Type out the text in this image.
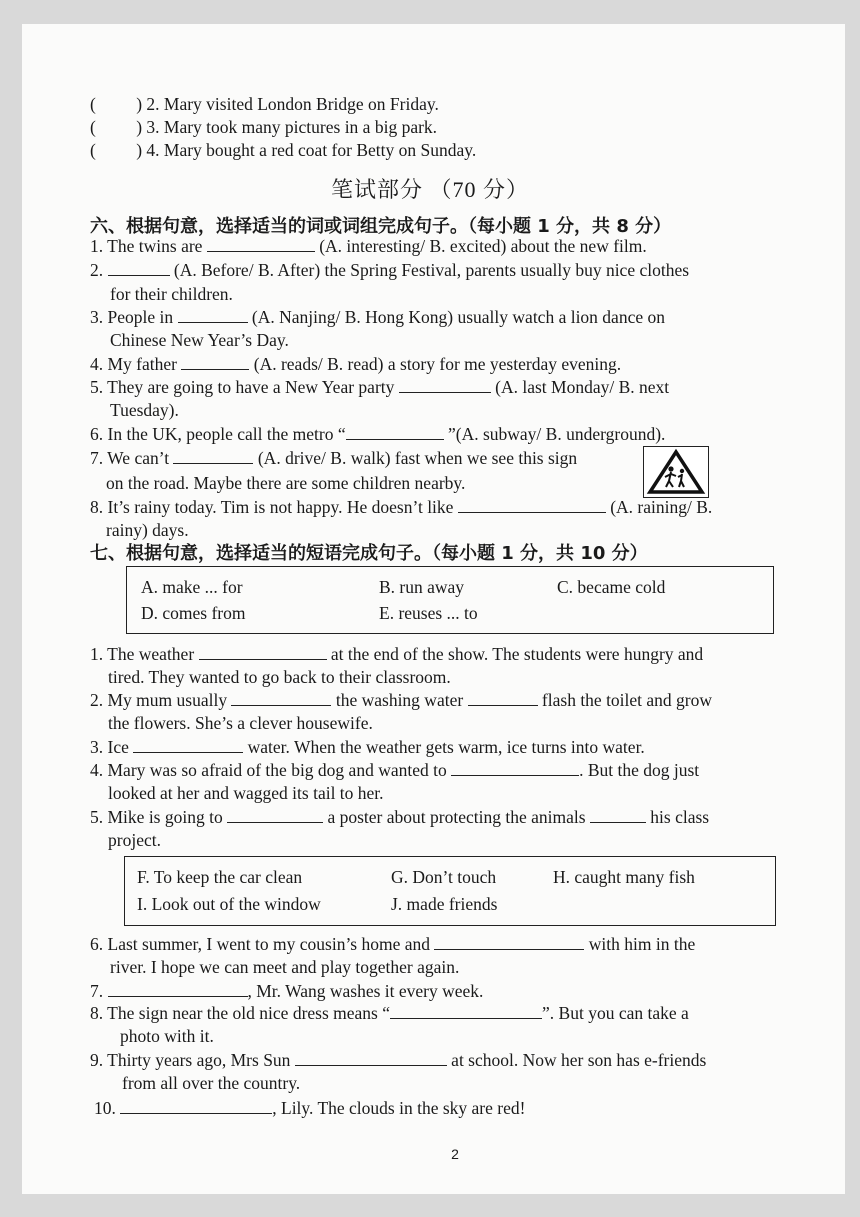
( ) 2. Mary visited London Bridge on Friday.
( ) 3. Mary took many pictures in a big park.
( ) 4. Mary bought a red coat for Betty on Sunday.
笔试部分 （70 分）
六、根据句意，选择适当的词或词组完成句子。（每小题 1 分，共 8 分）
1. The twins are	(A. interesting/ B. excited) about the new film.
2.	(A. Before/ B. After) the Spring Festival, parents usually buy nice clothes
for their children.
3. People in	(A. Nanjing/ B. Hong Kong) usually watch a lion dance on
Chinese New Year’s Day.
4. My father	(A. reads/ B. read) a story for me yesterday evening.
5. They are going to have a New Year party	(A. last Monday/ B. next
Tuesday).
6. In the UK, people call the metro “	”(A. subway/ B. underground).
7. We can’t	(A. drive/ B. walk) fast when we see this sign
on the road. Maybe there are some children nearby.
8. It’s rainy today. Tim is not happy. He doesn’t like	(A. raining/ B.
rainy) days.
七、根据句意，选择适当的短语完成句子。（每小题 1 分，共 10 分）
A. make ... for	B. run away	C. became cold
D. comes from	E. reuses ... to
1. The weather	at the end of the show. The students were hungry and
tired. They wanted to go back to their classroom.
2. My mum usually	the washing water	flash the toilet and grow
the flowers. She’s a clever housewife.
3. Ice	water. When the weather gets warm, ice turns into water.
4. Mary was so afraid of the big dog and wanted to	. But the dog just
looked at her and wagged its tail to her.
5. Mike is going to	a poster about protecting the animals	his class
project.
F. To keep the car clean	G. Don’t touch	H. caught many fish
I. Look out of the window	J. made friends
6. Last summer, I went to my cousin’s home and	with him in the
river. I hope we can meet and play together again.
7.	, Mr. Wang washes it every week.
8. The sign near the old nice dress means “	”. But you can take a
photo with it.
9. Thirty years ago, Mrs Sun	at school. Now her son has e-friends
from all over the country.
10.	, Lily. The clouds in the sky are red!
2
